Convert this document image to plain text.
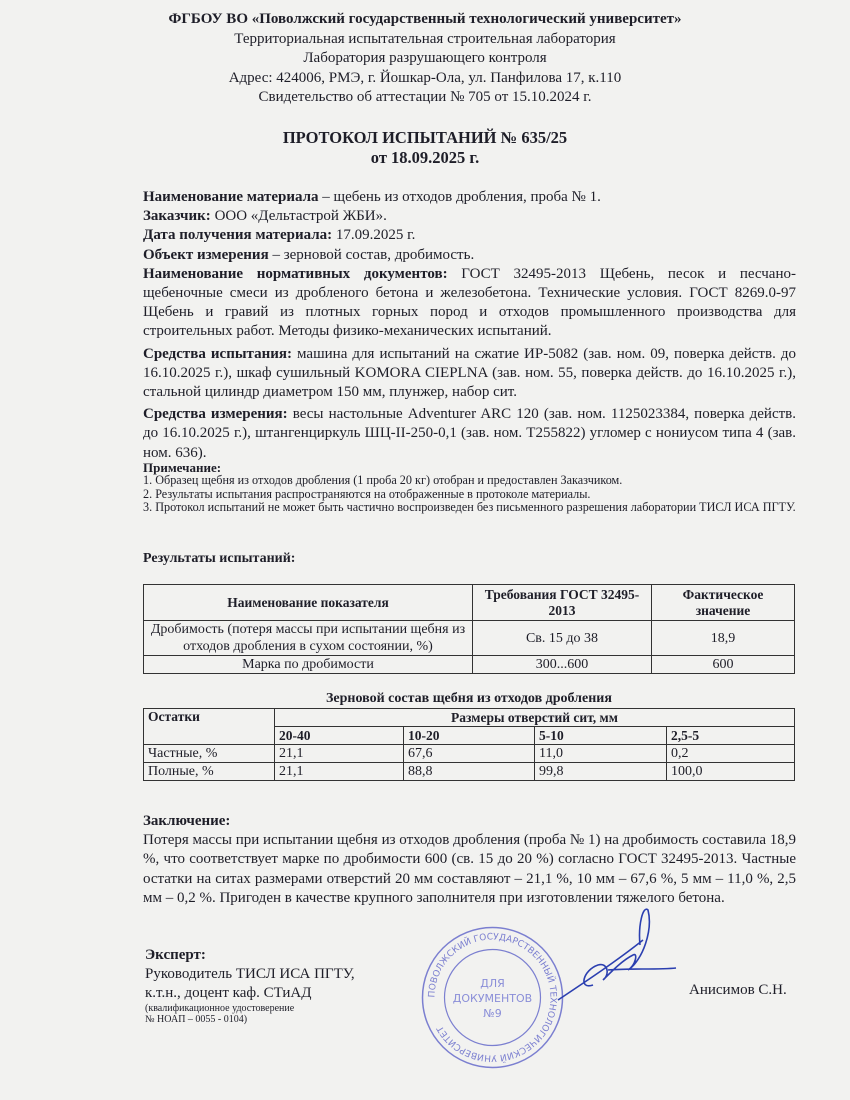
ФГБОУ ВО «Поволжский государственный технологический университет»
Территориальная испытательная строительная лаборатория
Лаборатория разрушающего контроля
Адрес: 424006, РМЭ, г. Йошкар-Ола, ул. Панфилова 17, к.110
Свидетельство об аттестации № 705 от 15.10.2024 г.
ПРОТОКОЛ ИСПЫТАНИЙ № 635/25
от 18.09.2025 г.

Наименование материала – щебень из отходов дробления, проба № 1.

Заказчик: ООО «Дельтастрой ЖБИ».

Дата получения материала: 17.09.2025 г.

Объект измерения – зерновой состав, дробимость.

Наименование нормативных документов: ГОСТ 32495-2013 Щебень, песок и песчано-щебеночные смеси из дробленого бетона и железобетона. Технические условия. ГОСТ 8269.0-97 Щебень и гравий из плотных горных пород и отходов промышленного производства для строительных работ. Методы физико-механических испытаний.

Средства испытания: машина для испытаний на сжатие ИР-5082 (зав. ном. 09, поверка действ. до 16.10.2025 г.), шкаф сушильный KOMORA CIEPLNA (зав. ном. 55, поверка действ. до 16.10.2025 г.), стальной цилиндр диаметром 150 мм, плунжер, набор сит.

Средства измерения: весы настольные Adventurer ARC 120 (зав. ном. 1125023384, поверка действ. до 16.10.2025 г.), штангенциркуль ШЦ-II-250-0,1 (зав. ном. Т255822) угломер с нониусом типа 4 (зав. ном. 636).

Примечание:

1. Образец щебня из отходов дробления (1 проба 20 кг) отобран и предоставлен Заказчиком.

2. Результаты испытания распространяются на отображенные в протоколе материалы.

3. Протокол испытаний не может быть частично воспроизведен без письменного разрешения лаборатории ТИСЛ ИСА ПГТУ.

Результаты испытаний:
Наименование показателя	Требования ГОСТ 32495-2013	Фактическое значение
Дробимость (потеря массы при испытании щебня из отходов дробления в сухом состоянии, %)	Св. 15 до 38	18,9
Марка по дробимости	300...600	600
Зерновой состав щебня из отходов дробления
Остатки	Размеры отверстий сит, мм			
	20-40	10-20	5-10	2,5-5
Частные, %	21,1	67,6	11,0	0,2
Полные, %	21,1	88,8	99,8	100,0

Заключение:

Потеря массы при испытании щебня из отходов дробления (проба № 1) на дробимость составила 18,9 %, что соответствует марке по дробимости 600 (св. 15 до 20 %) согласно ГОСТ 32495-2013. Частные остатки на ситах размерами отверстий 20 мм составляют – 21,1 %, 10 мм – 67,6 %, 5 мм – 11,0 %, 2,5 мм – 0,2 %. Пригоден в качестве крупного заполнителя при изготовлении тяжелого бетона.

Эксперт:
Руководитель ТИСЛ ИСА ПГТУ,
к.т.н., доцент каф. СТиАД
(квалификационное удостоверение
№ НОАП – 0055 - 0104)
ПОВОЛЖСКИЙ ГОСУДАРСТВЕННЫЙ ТЕХНОЛОГИЧЕСКИЙ УНИВЕРСИТЕТ
ДЛЯ
ДОКУМЕНТОВ
№9
Анисимов С.Н.
